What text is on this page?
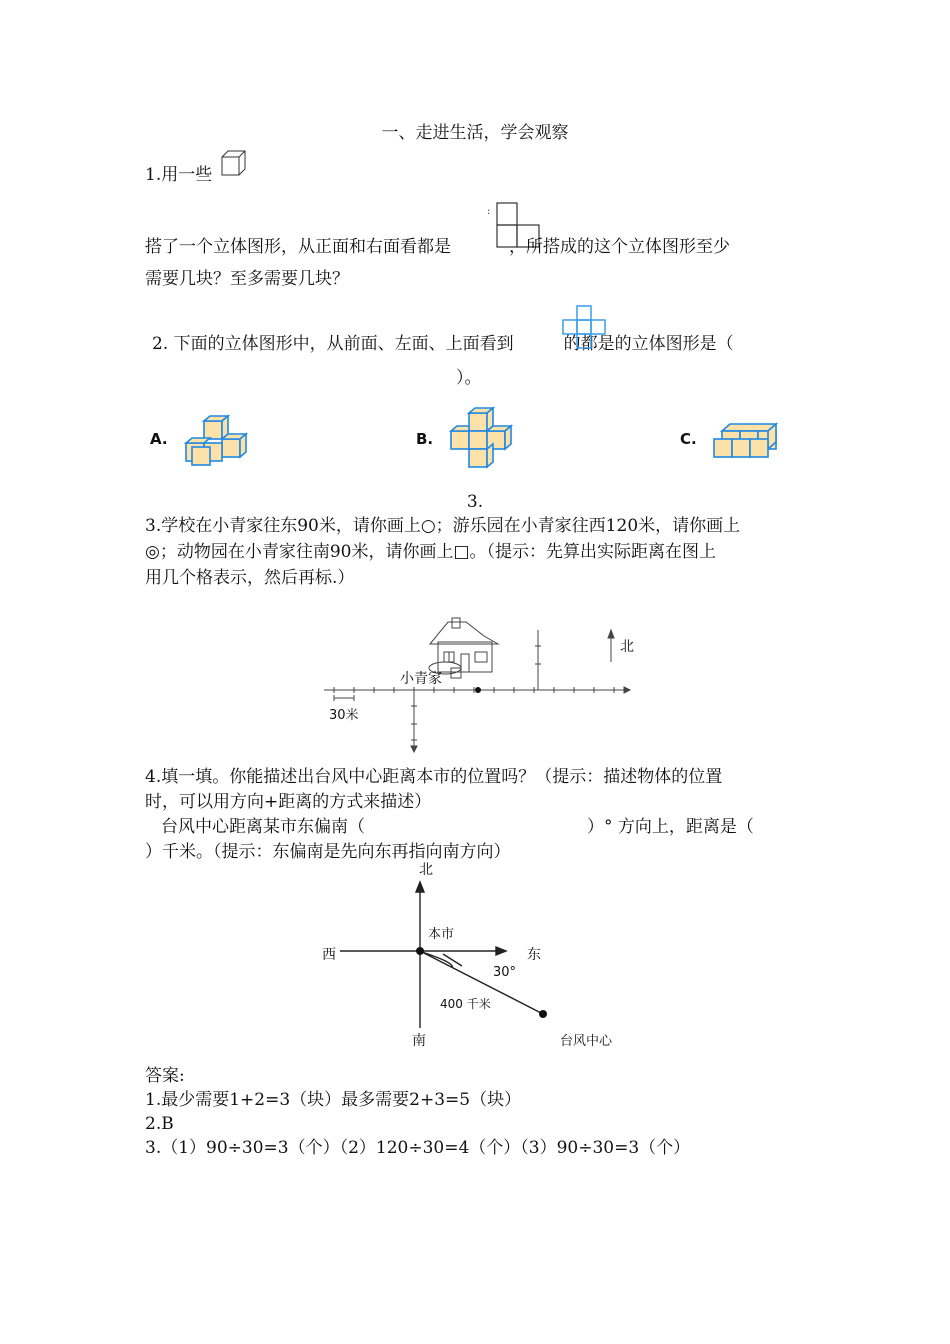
一、走进生活，学会观察
1.用一些
:
搭了一个立体图形，从正面和右面看都是	，所搭成的这个立体图形至少
需要几块？至多需要几块？
2. 下面的立体图形中，从前面、左面、上面看到	的都是的立体图形是（
）。
A.	B.	C.
3.
3.学校在小青家往东90米，请你画上○；游乐园在小青家往西120米，请你画上
◎；动物园在小青家往南90米，请你画上□。（提示：先算出实际距离在图上
用几个格表示，然后再标.）
30米
小青家
北
4.填一填。你能描述出台风中心距离本市的位置吗？（提示：描述物体的位置
时，可以用方向+距离的方式来描述）
台风中心距离某市东偏南（	）° 方向上，距离是（
）千米。（提示：东偏南是先向东再指向南方向）
北
南
东
西
本市
30°
400 千米
台风中心
答案:
1.最少需要1+2=3（块）最多需要2+3=5（块）
2.B
3.（1）90÷30=3（个）（2）120÷30=4（个）（3）90÷30=3（个）
